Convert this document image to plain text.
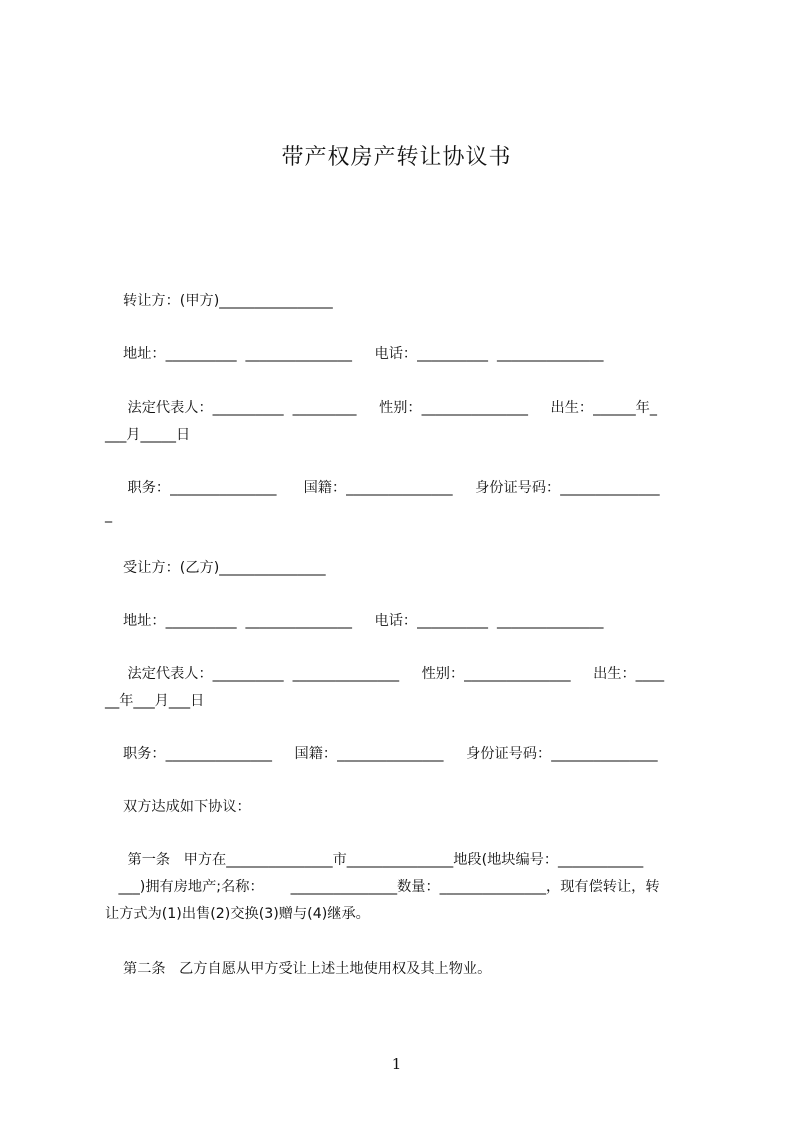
带产权房产转让协议书
转让方：(甲方)________________
地址：__________  _______________     电话：__________  _______________
法定代表人：__________  _________     性别：_______________     出生：______年_
___月_____日
职务：_______________      国籍：_______________     身份证号码：______________
_
受让方：(乙方)_______________
地址：__________  _______________     电话：__________  _______________
法定代表人：__________  _______________     性别：_______________     出生：____
__年___月___日
职务：_______________     国籍：_______________     身份证号码：_______________
双方达成如下协议：
第一条   甲方在_______________市_______________地段(地块编号：____________
___)拥有房地产;名称：      _______________数量：_______________，现有偿转让，转
让方式为(1)出售(2)交换(3)赠与(4)继承。
第二条   乙方自愿从甲方受让上述土地使用权及其上物业。
1
